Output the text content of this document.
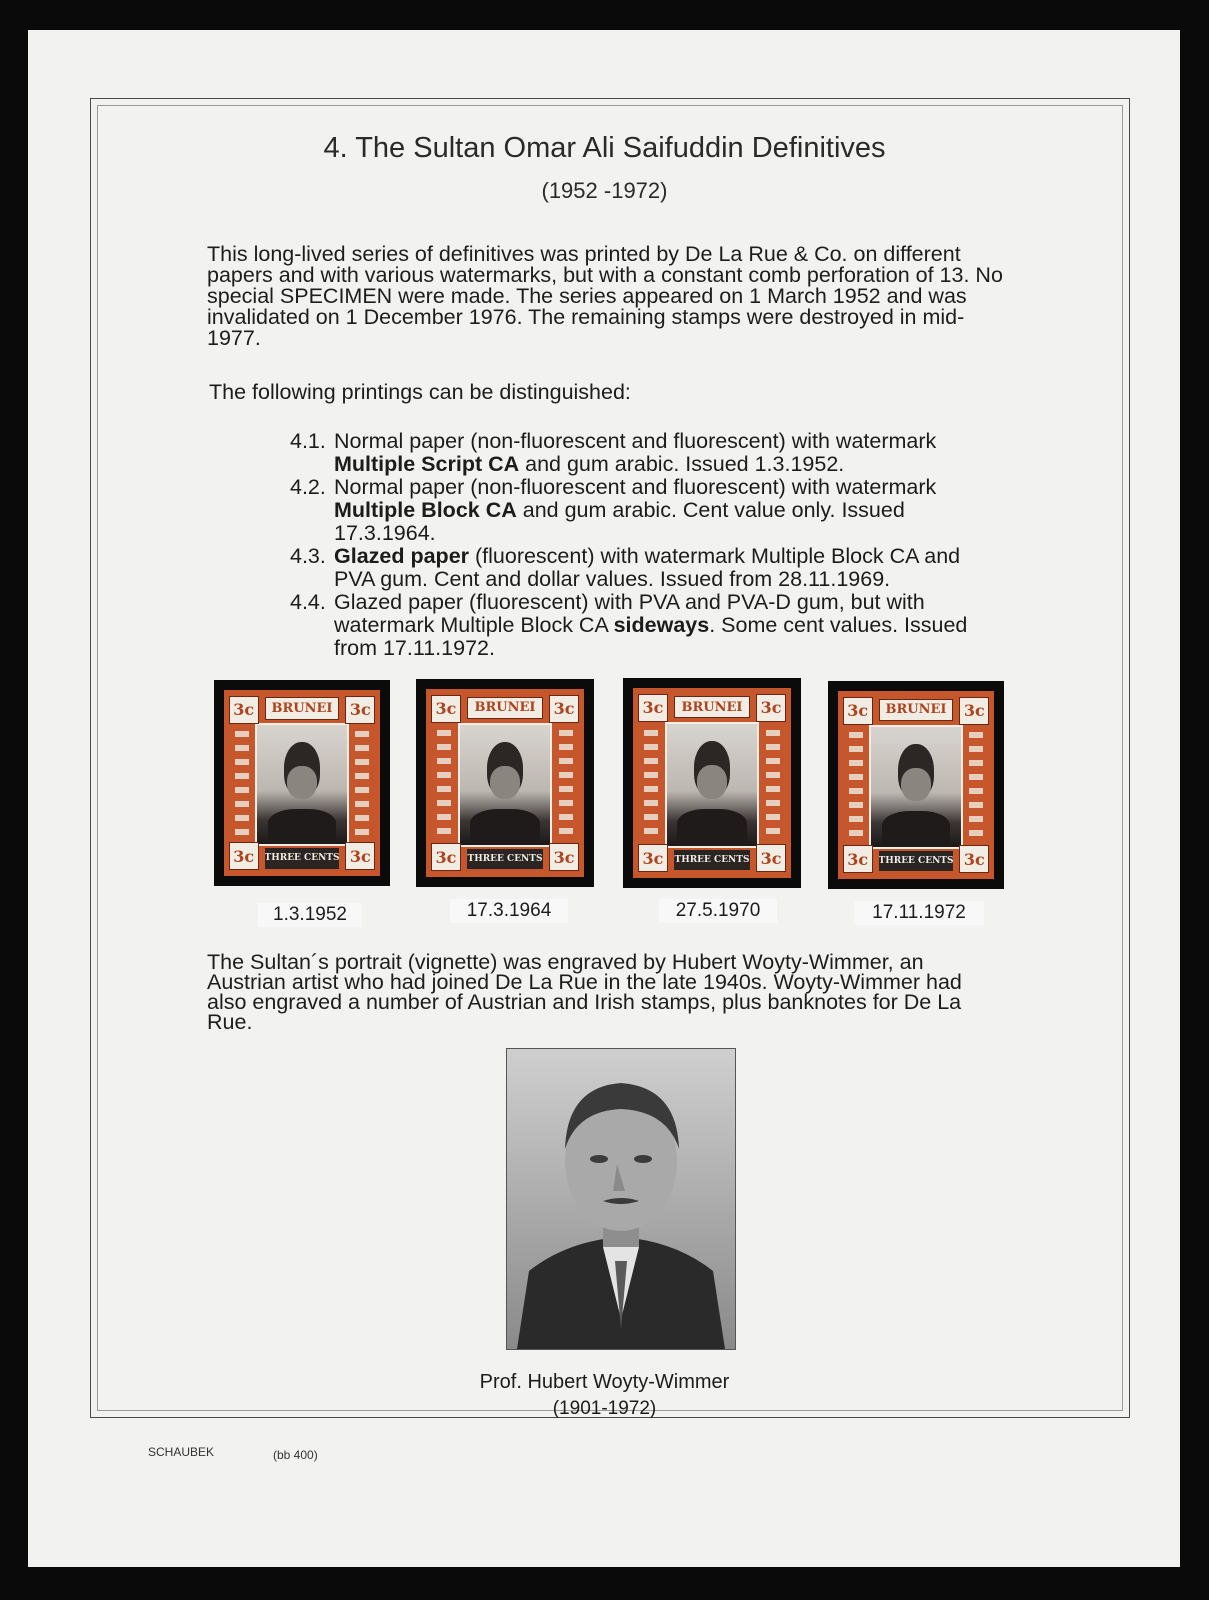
4. The Sultan Omar Ali Saifuddin Definitives
(1952 -1972)
This long-lived series of definitives was printed by De La Rue & Co. on different papers and with various watermarks, but with a constant comb perforation of 13. No special SPECIMEN were made. The series appeared on 1 March 1952 and was invalidated on 1 December 1976. The remaining stamps were destroyed in mid-1977.
The following printings can be distinguished:
4.1. Normal paper (non-fluorescent and fluorescent) with watermark Multiple Script CA and gum arabic. Issued 1.3.1952.
4.2. Normal paper (non-fluorescent and fluorescent) with watermark Multiple Block CA and gum arabic. Cent value only. Issued 17.3.1964.
4.3. Glazed paper (fluorescent) with watermark Multiple Block CA and PVA gum. Cent and dollar values. Issued from 28.11.1969.
4.4. Glazed paper (fluorescent) with PVA and PVA-D gum, but with watermark Multiple Block CA sideways. Some cent values. Issued from 17.11.1972.
BRUNEI
THREE CENTS
3c	3c
3c	3c
BRUNEI
THREE CENTS
3c	3c
3c	3c
BRUNEI
THREE CENTS
3c	3c
3c	3c
BRUNEI
THREE CENTS
3c	3c
3c	3c
1.3.1952	17.3.1964	27.5.1970	17.11.1972
The Sultan´s portrait (vignette) was engraved by Hubert Woyty-Wimmer, an Austrian artist who had joined De La Rue in the late 1940s. Woyty-Wimmer had also engraved a number of Austrian and Irish stamps, plus banknotes for De La Rue.
Prof. Hubert Woyty-Wimmer
(1901-1972)
SCHAUBEK	(bb 400)
